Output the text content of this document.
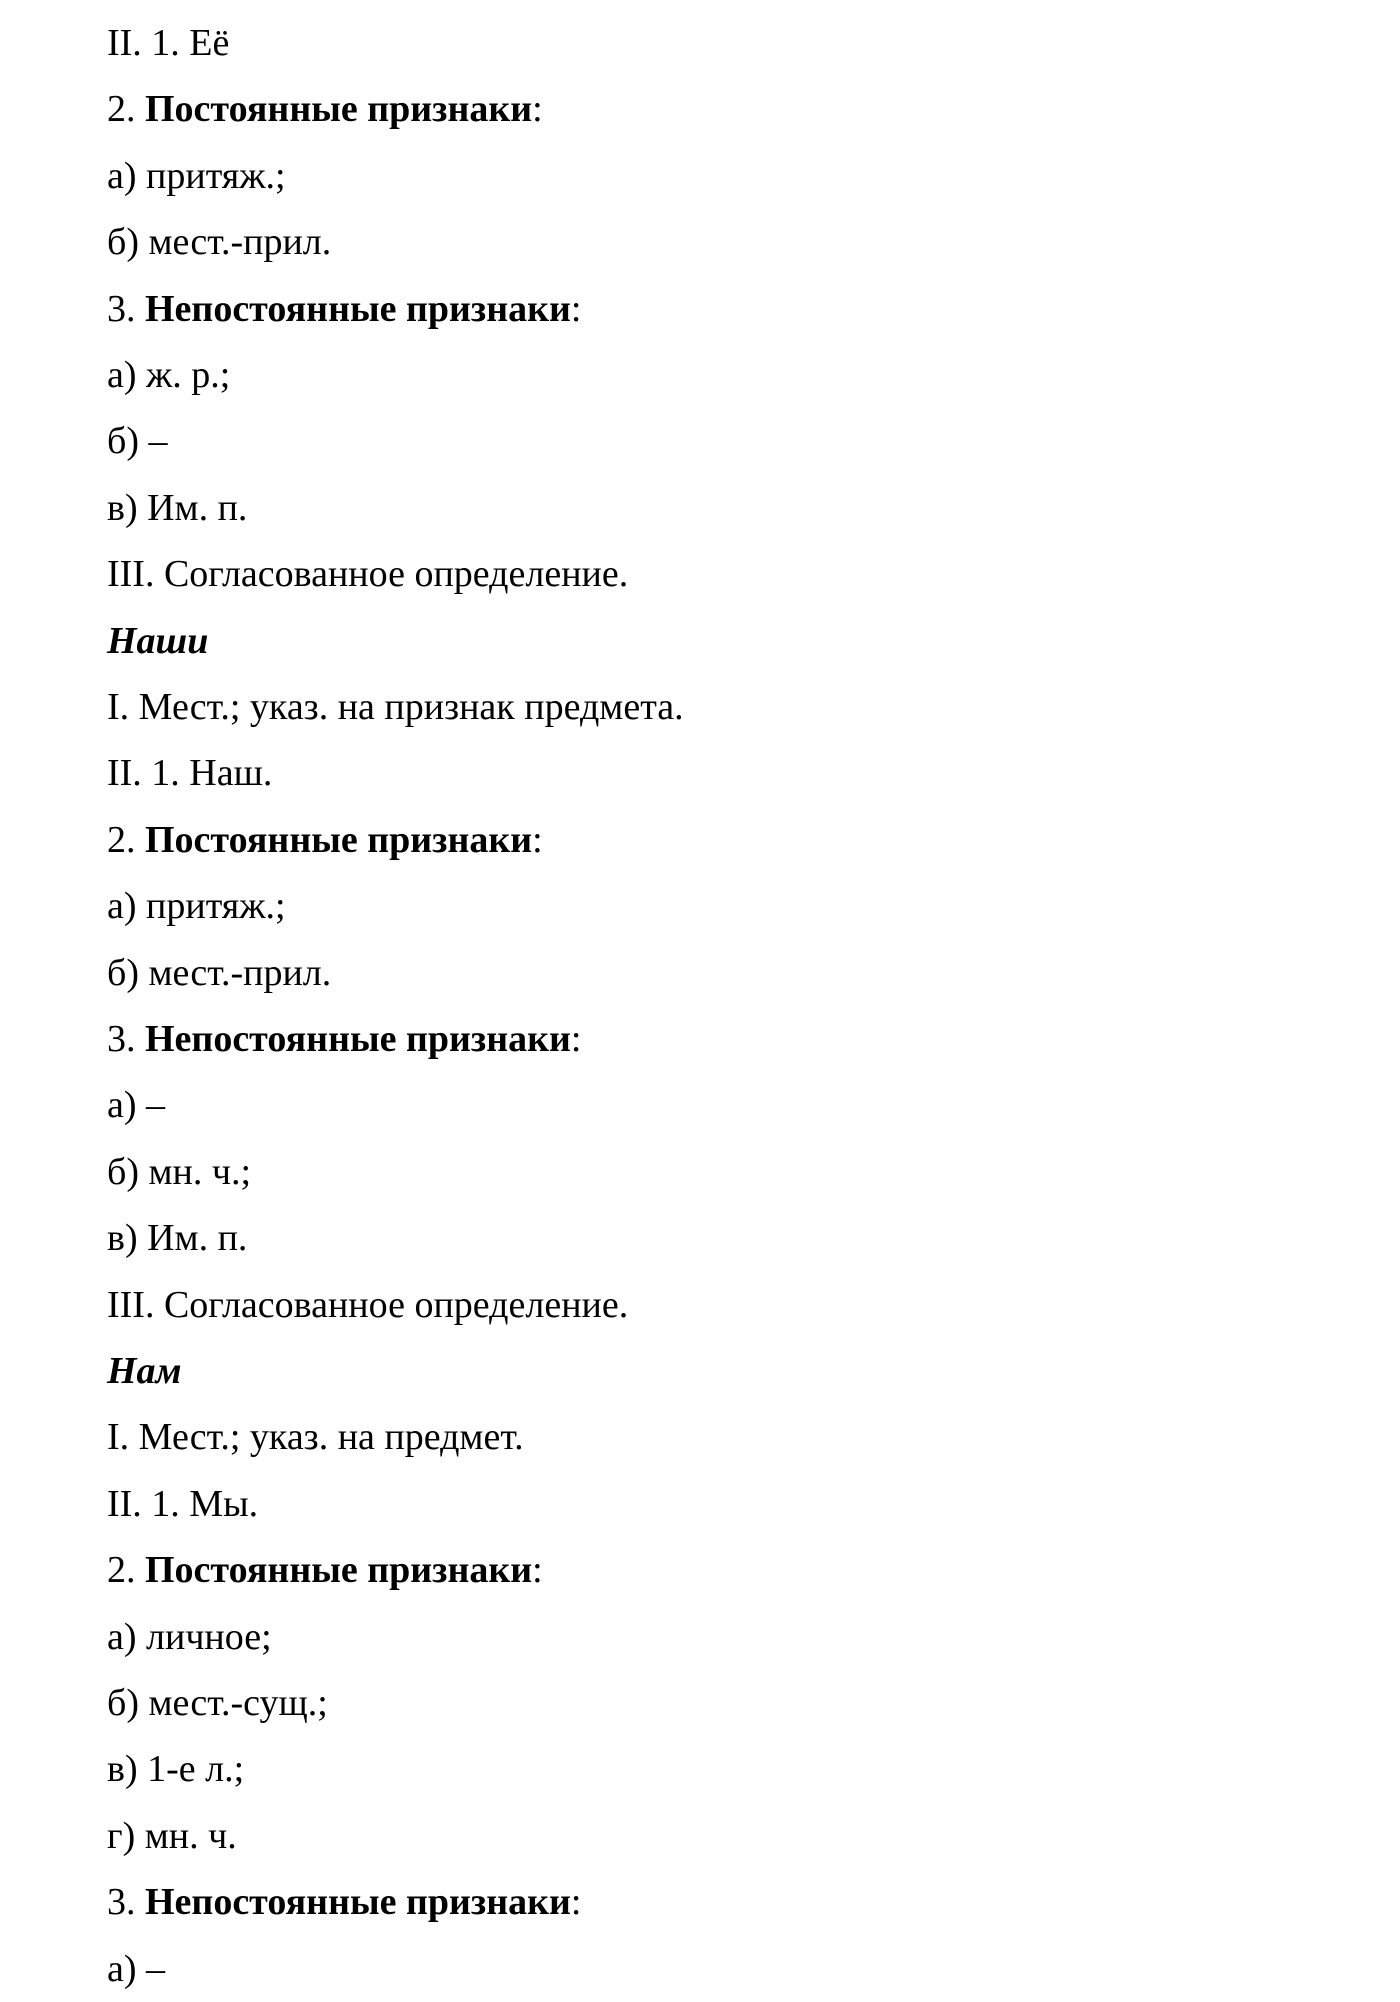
II. 1. Её
2. Постоянные признаки:
а) притяж.;
б) мест.-прил.
3. Непостоянные признаки:
а) ж. р.;
б) –
в) Им. п.
III. Согласованное определение.
Наши
I. Мест.; указ. на признак предмета.
II. 1. Наш.
2. Постоянные признаки:
а) притяж.;
б) мест.-прил.
3. Непостоянные признаки:
а) –
б) мн. ч.;
в) Им. п.
III. Согласованное определение.
Нам
I. Мест.; указ. на предмет.
II. 1. Мы.
2. Постоянные признаки:
а) личное;
б) мест.-сущ.;
в) 1-е л.;
г) мн. ч.
3. Непостоянные признаки:
а) –
